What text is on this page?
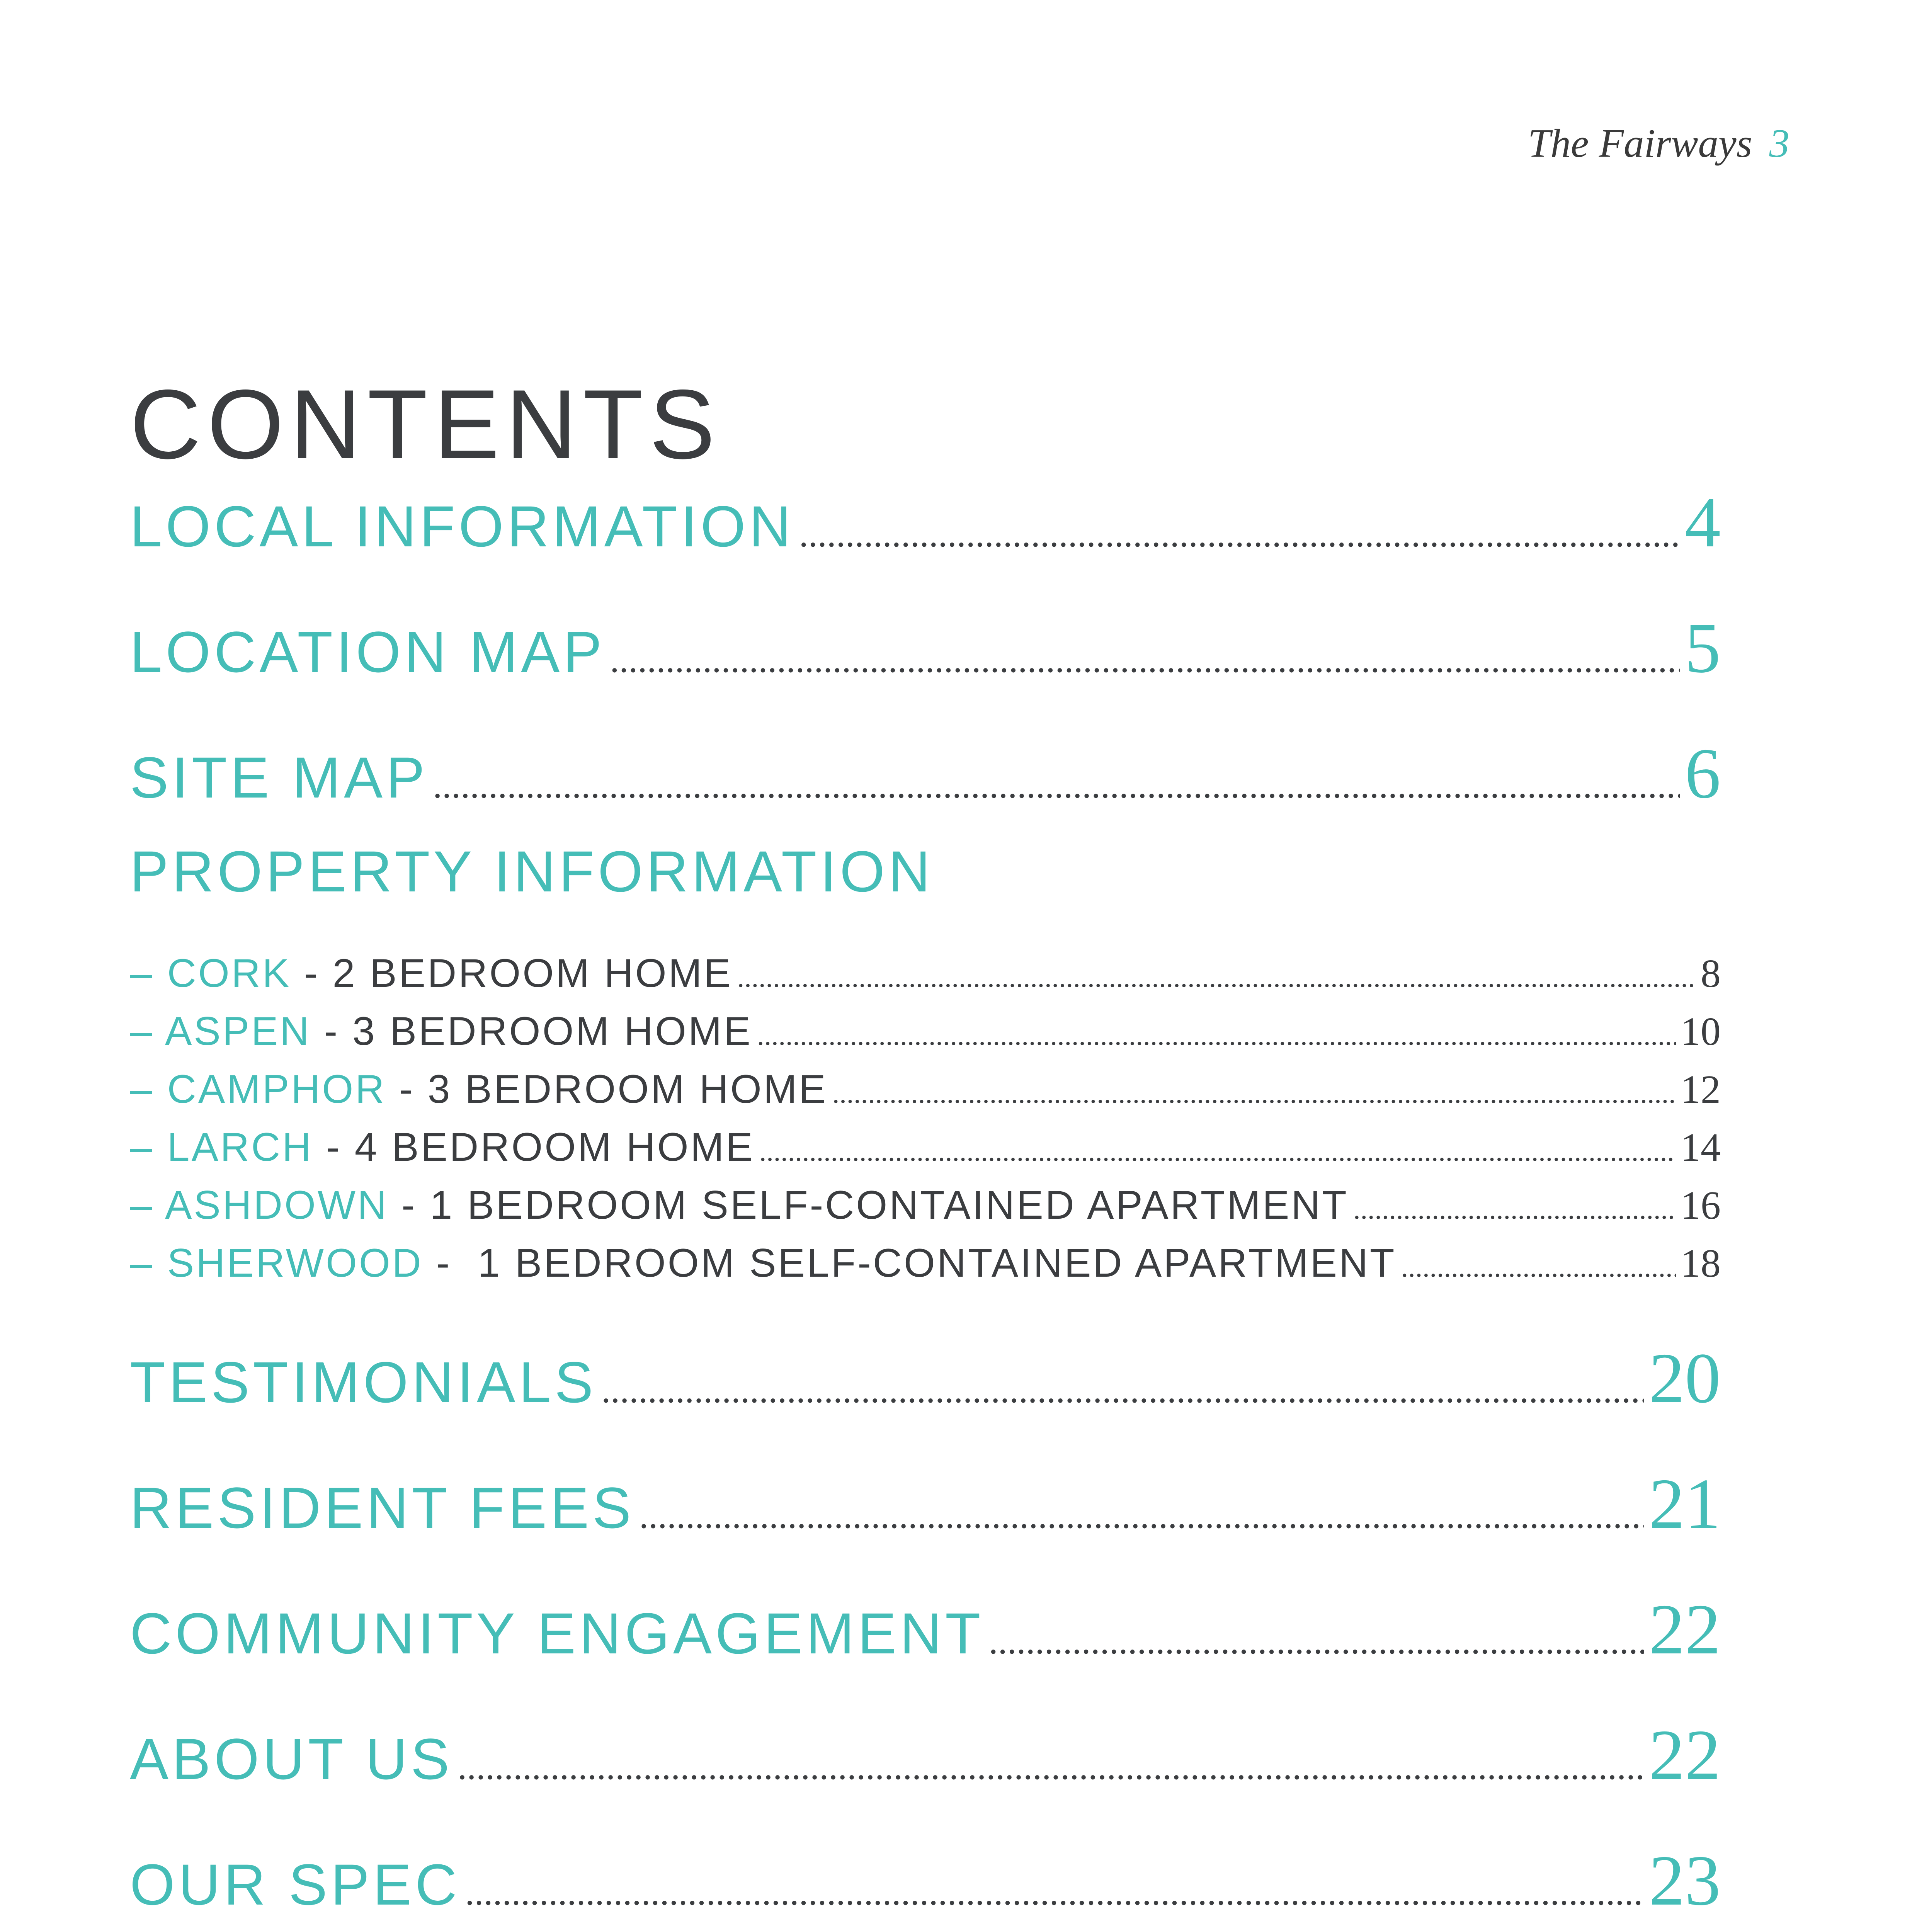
The Fairways 3
CONTENTS
LOCAL INFORMATION .....	4
LOCATION MAP .....	5
SITE MAP .....	6
PROPERTY INFORMATION
– CORK - 2 BEDROOM HOME .....	8
– ASPEN - 3 BEDROOM HOME .....	10
– CAMPHOR - 3 BEDROOM HOME .....	12
– LARCH - 4 BEDROOM HOME .....	14
– ASHDOWN - 1 BEDROOM SELF-CONTAINED APARTMENT .....	16
– SHERWOOD -  1 BEDROOM SELF-CONTAINED APARTMENT .....	18
TESTIMONIALS .....	20
RESIDENT FEES .....	21
COMMUNITY ENGAGEMENT .....	22
ABOUT US .....	22
OUR SPEC .....	23
